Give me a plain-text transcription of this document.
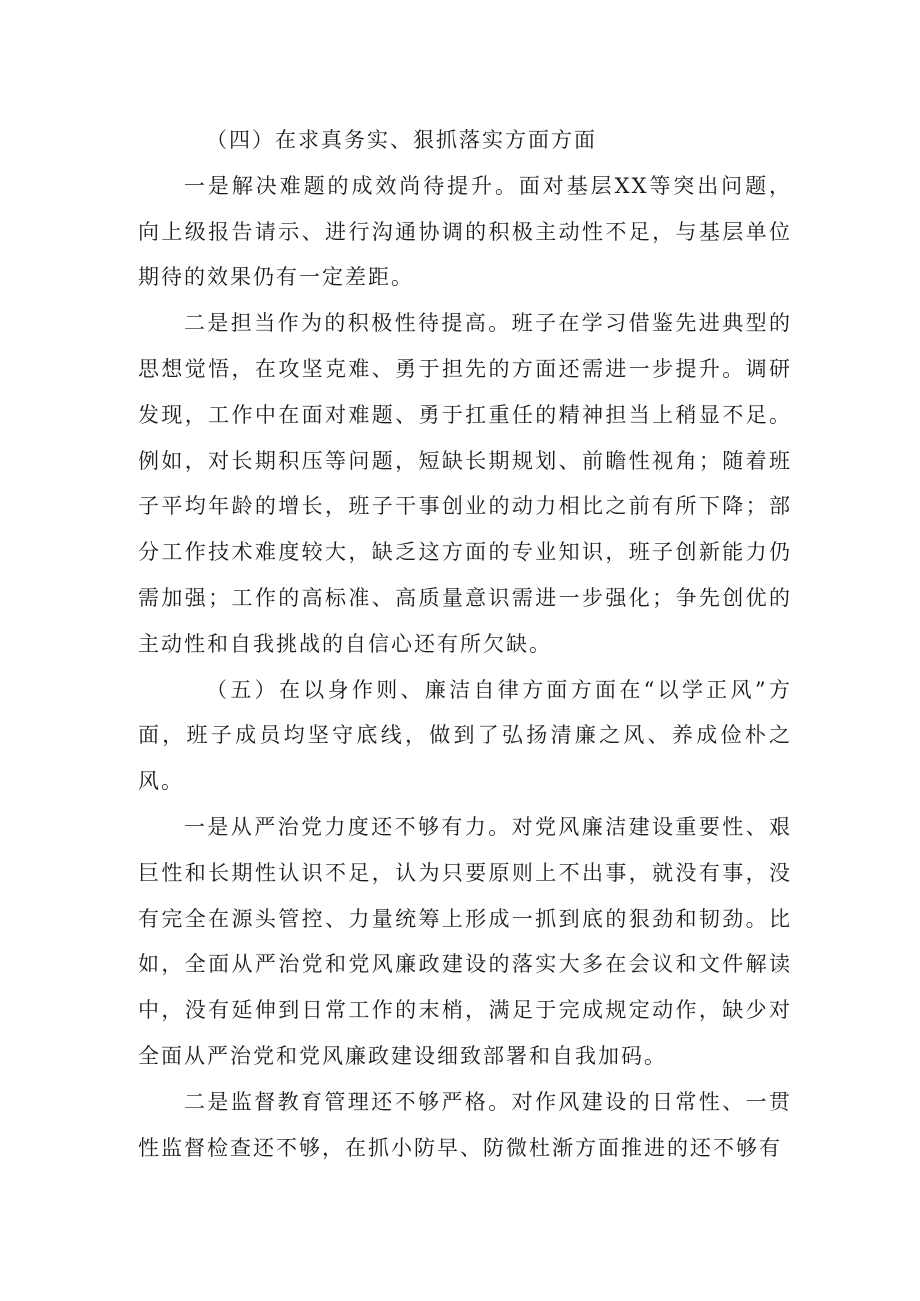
（四）在求真务实、狠抓落实方面方面

一是解决难题的成效尚待提升。面对基层XX等突出问题，向上级报告请示、进行沟通协调的积极主动性不足，与基层单位期待的效果仍有一定差距。

二是担当作为的积极性待提高。班子在学习借鉴先进典型的思想觉悟，在攻坚克难、勇于担先的方面还需进一步提升。调研发现，工作中在面对难题、勇于扛重任的精神担当上稍显不足。例如，对长期积压等问题，短缺长期规划、前瞻性视角；随着班子平均年龄的增长，班子干事创业的动力相比之前有所下降；部分工作技术难度较大，缺乏这方面的专业知识，班子创新能力仍需加强；工作的高标准、高质量意识需进一步强化；争先创优的主动性和自我挑战的自信心还有所欠缺。

（五）在以身作则、廉洁自律方面方面在“以学正风”方面，班子成员均坚守底线，做到了弘扬清廉之风、养成俭朴之风。

一是从严治党力度还不够有力。对党风廉洁建设重要性、艰巨性和长期性认识不足，认为只要原则上不出事，就没有事，没有完全在源头管控、力量统筹上形成一抓到底的狠劲和韧劲。比如，全面从严治党和党风廉政建设的落实大多在会议和文件解读中，没有延伸到日常工作的末梢，满足于完成规定动作，缺少对全面从严治党和党风廉政建设细致部署和自我加码。

二是监督教育管理还不够严格。对作风建设的日常性、一贯性监督检查还不够，在抓小防早、防微杜渐方面推进的还不够有
